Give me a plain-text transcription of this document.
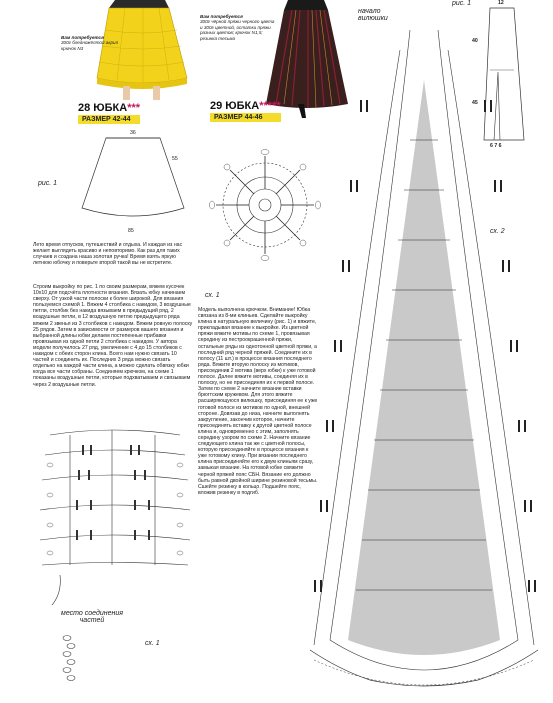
Вам потребуется
300г бледножёлтой акрил крючок N3
28 ЮБКА***
РАЗМЕР 42-44
36
55
85
рис. 1
Лето время отпусков, путешествий и отдыха. И каждая из нас желает выглядеть красиво и неповторимо. Как раз для таких случаев и создана наша золотая ручка! Время взять яркую летнюю юбочку и поверьте второй такой вы не встретите.
Строим выкройку по рис. 1 по своим размерам, вяжем кусочек 10х10 для подсчёта плотности вязания. Вязать юбку начинаем сверху. От узкой части полоски к более широкой. Для вязания пользуемся схемой 1. Вяжем 4 столбика с накидом, 3 воздушные петли, столбик без накида вязываем в предыдущий ряд, 2 воздушные петли, в 12 воздушную петлю предыдущего ряда вяжем 2 звенья из 3 столбиков с накидом. Вяжем ровную полоску 25 рядов. Затем в зависимости от размеров вашего вязания и выбранной длины юбки делаем постепенные прибавки провязывая из одной петли 2 столбика с накидом. У автора модели получилось 27 ряд, увеличение с 4 до 15 столбиков с накидом с обеих сторон клина. Всего нам нужно связать 10 частей и соединить их. Последних 3 ряда можно связать отдельно на каждой части клина, а можно сделать обвязку юбки когда все части собраны. Соединяем крючком, на схеме 1 показаны воздушные петли, которые подхватываем и связываем через 2 воздушные петли.
место соединения частей
сх. 1
Вам потребуется
300г чёрной пряжи черного цвета и 300г цветной, остатки пряжи разных цветов; крючок N1,5; резинка тесьма
29 ЮБКА*****
РАЗМЕР 44-46
сх. 1
Модель выполнена крючком. Внимание! Юбка связана из 8-ми клиньев. Сделайте выкройку клина в натуральную величину (рис. 1) и вяжите, прикладывая вязание к выкройке. Из цветной пряжи вяжите мотивы по схеме 1, провязывая середину из пестроокрашенной пряжи, остальные ряды из однотонной цветной пряжи, а последний ряд черной пряжей. Соедините их в полосу (11 шт.) в процессе вязания последнего ряда. Вяжите вторую полоску из мотивов, присоединив 2 мотива (верх юбки) к уже готовой полосе. Далее вяжите мотивы, соединяя их в полоску, но не присоединяя их к первой полосе. Затем по схеме 2 начните вязание вставки брюгтским кружевом. Для этого вяжите расширяющуюся вилюшку, присоединяя ее к уже готовой полосе из мотивов по одной, внешней стороне. Довязав до низа, начните выполнять закругление, закончив которое, начните присоединять вставку к другой цветной полосе клина и, одновременно с этим, заполнять середину узором по схеме 2. Начните вязание следующего клина так же с цветной полосы, которую присоединяйте в процессе вязания к уже готовому клину. При вязании последнего клина присоединяйте его к двум клиньям сразу, замыкая вязание. На готовой юбке свяжите черной пряжей пояс СБН. Вязание его должно быть равной двойной ширине резиновой тесьмы. Сшейте резинку в кольцо. Подшейте пояс, вложив резинку в подгиб.
начало вилюшки
рис. 1	12
40
45
6 7 6
сх. 2
